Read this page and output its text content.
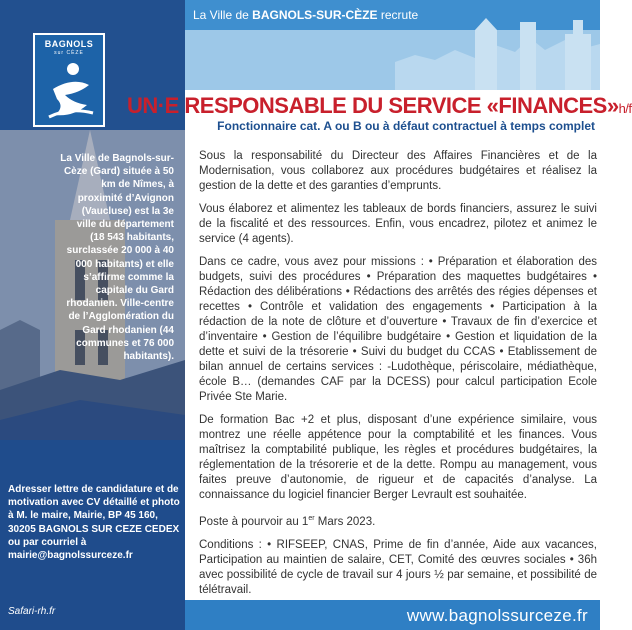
BAGNOLS
sur CÈZE
La Ville de Bagnols-sur-Cèze (Gard) située à 50 km de Nîmes, à proximité d’Avignon (Vaucluse) est la 3e ville du département (18 543 habitants, surclassée 20 000 à 40 000 habitants) et elle s’affirme comme la capitale du Gard rhodanien. Ville-centre de l’Agglomération du Gard rhodanien (44 communes et 76 000 habitants).
Adresser lettre de candidature et de motivation avec CV détaillé et photo à M. le maire, Mairie, BP 45 160, 30205 BAGNOLS SUR CEZE CEDEX ou par courriel à mairie@bagnolssurceze.fr
Safari-rh.fr
La Ville de BAGNOLS-SUR-CÈZE recrute
UN·E RESPONSABLE DU SERVICE «FINANCES»h/f
Fonctionnaire cat. A ou B ou à défaut contractuel à temps complet

Sous la responsabilité du Directeur des Affaires Financières et de la Modernisation, vous collaborez aux procédures budgétaires et réalisez la gestion de la dette et des garanties d’emprunts.

Vous élaborez et alimentez les tableaux de bords financiers, assurez le suivi de la fiscalité et des ressources. Enfin, vous encadrez, pilotez et animez le service (4 agents).

Dans ce cadre, vous avez pour missions : • Préparation et élaboration des budgets, suivi des procédures • Préparation des maquettes budgétaires • Rédaction des délibérations • Rédactions des arrêtés des régies dépenses et recettes • Contrôle et validation des engagements • Participation à la rédaction de la note de clôture et d’ouverture • Travaux de fin d’exercice et d’inventaire • Gestion de l’équilibre budgétaire • Gestion et liquidation de la dette et suivi de la trésorerie • Suivi du budget du CCAS • Etablissement de bilan annuel de certains services : -Ludothèque, périscolaire, médiathèque, école B… (demandes CAF par la DCESS) pour calcul participation Ecole Privée Ste Marie.

De formation Bac +2 et plus, disposant d’une expérience similaire, vous montrez une réelle appétence pour la comptabilité et les finances. Vous maîtrisez la comptabilité publique, les règles et procédures budgétaires, la réglementation de la trésorerie et de la dette. Rompu au management, vous faites preuve d’autonomie, de rigueur et de capacités d’analyse. La connaissance du logiciel financier Berger Levrault est souhaitée.

Poste à pourvoir au 1er Mars 2023.

Conditions : • RIFSEEP, CNAS, Prime de fin d’année, Aide aux vacances, Participation au maintien de salaire, CET, Comité des œuvres sociales • 36h avec possibilité de cycle de travail sur 4 jours ½ par semaine, et possibilité de télétravail.

www.bagnolssurceze.fr
